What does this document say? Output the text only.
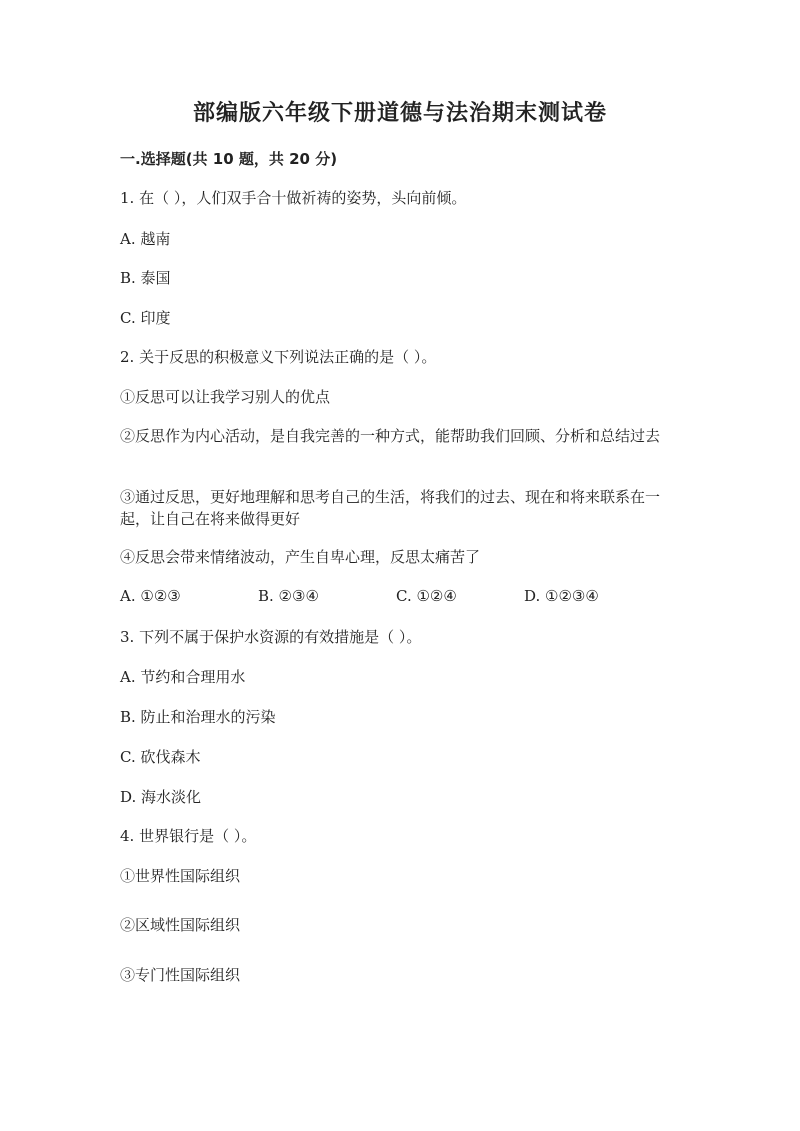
部编版六年级下册道德与法治期末测试卷
一.选择题(共 10 题，共 20 分)
1. 在（ ），人们双手合十做祈祷的姿势，头向前倾。
A. 越南
B. 泰国
C. 印度
2. 关于反思的积极意义下列说法正确的是（ ）。
①反思可以让我学习别人的优点
②反思作为内心活动，是自我完善的一种方式，能帮助我们回顾、分析和总结过去
③通过反思，更好地理解和思考自己的生活，将我们的过去、现在和将来联系在一起，让自己在将来做得更好
④反思会带来情绪波动，产生自卑心理，反思太痛苦了
A. ①②③	B. ②③④	C. ①②④	D. ①②③④
3. 下列不属于保护水资源的有效措施是（ ）。
A. 节约和合理用水
B. 防止和治理水的污染
C. 砍伐森木
D. 海水淡化
4. 世界银行是（ ）。
①世界性国际组织
②区域性国际组织
③专门性国际组织
